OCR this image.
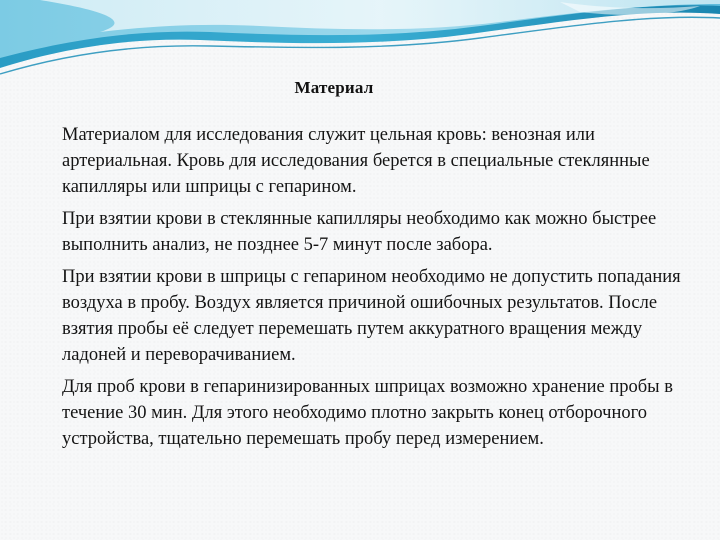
Материал

Материалом для исследования служит цельная кровь: венозная или артериальная. Кровь для исследования берется в специальные стеклянные капилляры или шприцы с гепарином.

При взятии крови в стеклянные капилляры необходимо как можно быстрее выполнить анализ, не позднее 5-7 минут после забора.

При взятии крови в шприцы с гепарином необходимо не допустить попадания воздуха в пробу. Воздух является причиной ошибочных результатов. После взятия пробы её следует перемешать путем аккуратного вращения между ладоней и переворачиванием.

Для проб крови в гепаринизированных шприцах возможно хранение пробы в течение 30 мин. Для этого необходимо плотно закрыть конец отборочного устройства, тщательно перемешать пробу перед измерением.
